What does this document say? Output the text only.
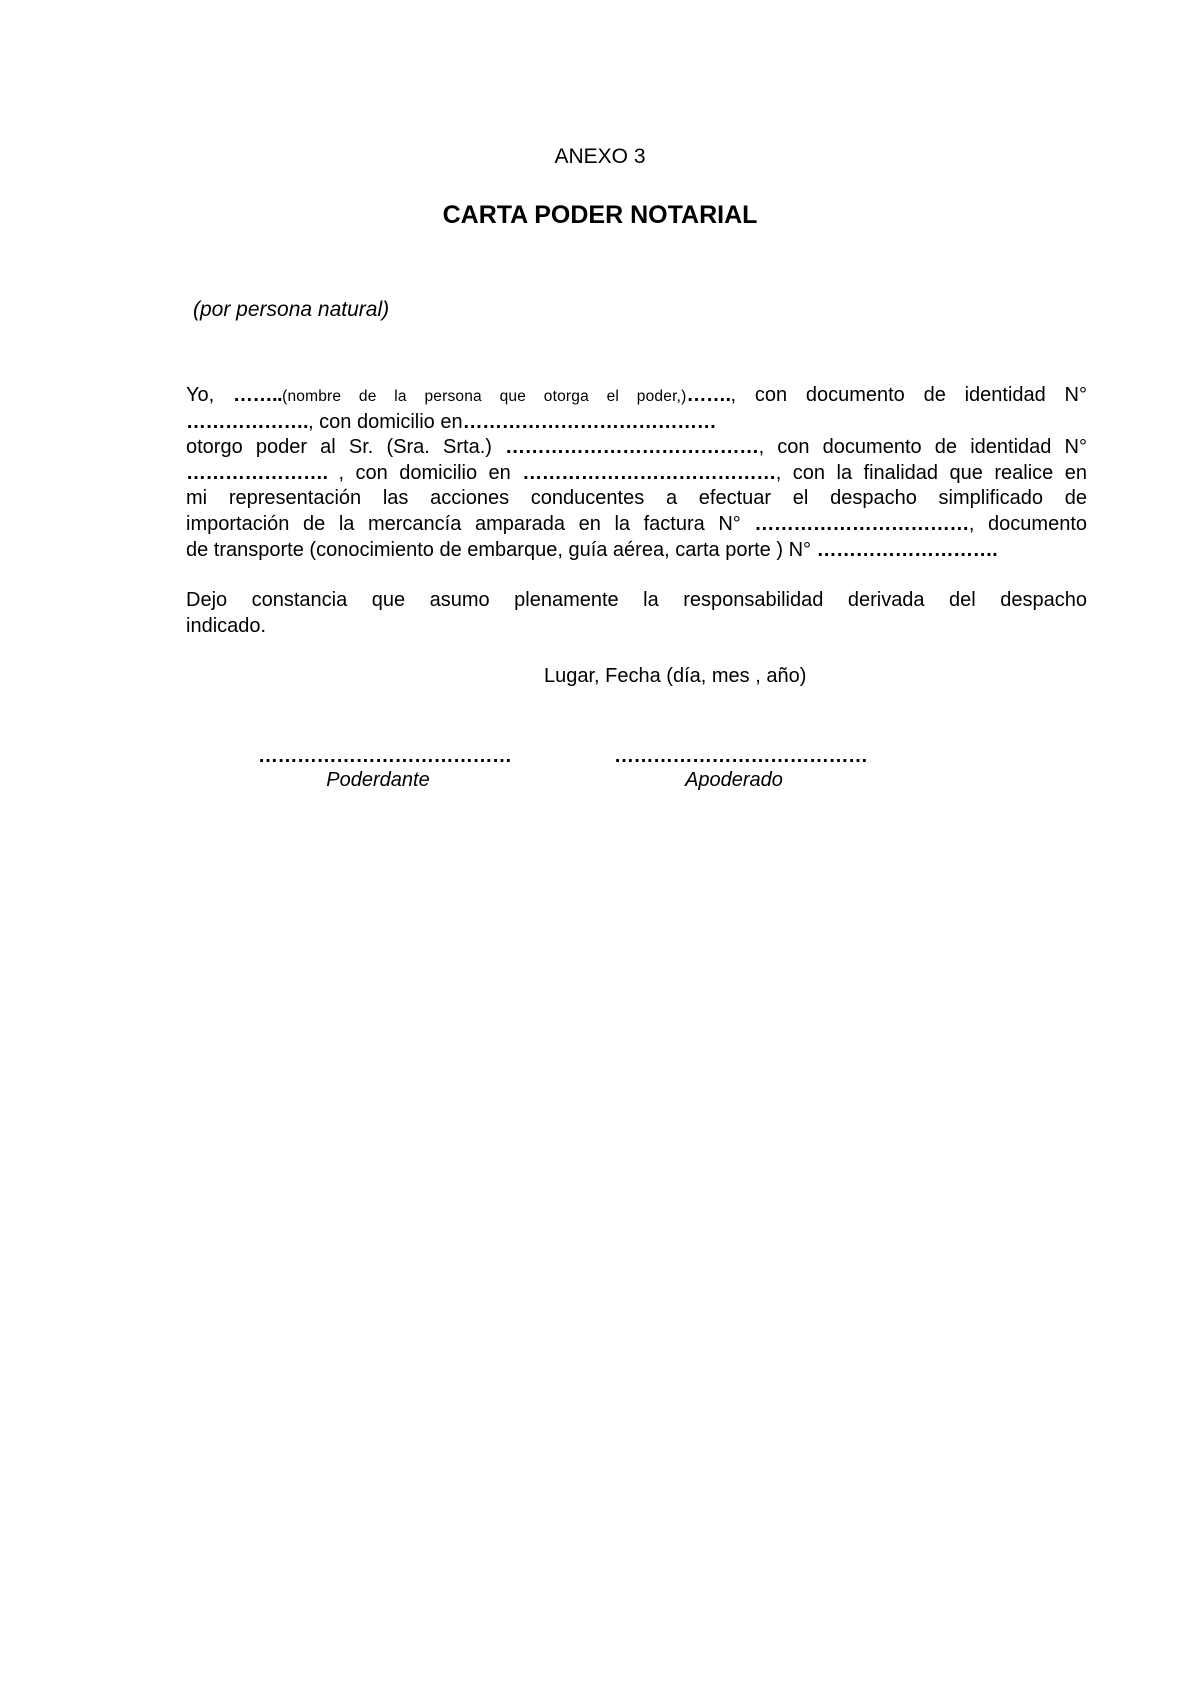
ANEXO 3
CARTA PODER NOTARIAL
(por persona natural)
Yo, ……..(nombre de la persona que otorga el poder,)……., con documento de identidad N°
………………., con domicilio en…………………………………
otorgo poder al Sr. (Sra. Srta.) …………………………………, con documento de identidad N°
…………………. , con domicilio en …………………………………, con la finalidad que realice en
mi representación las acciones conducentes a efectuar el despacho simplificado de
importación de la mercancía amparada en la factura N° ……………………………, documento
de transporte (conocimiento de embarque, guía aérea, carta porte ) N° ……………………….
Dejo constancia que asumo plenamente la responsabilidad derivada del despacho
indicado.
Lugar, Fecha (día, mes , año)
…………………………………
Poderdante
…………………………………
Apoderado
